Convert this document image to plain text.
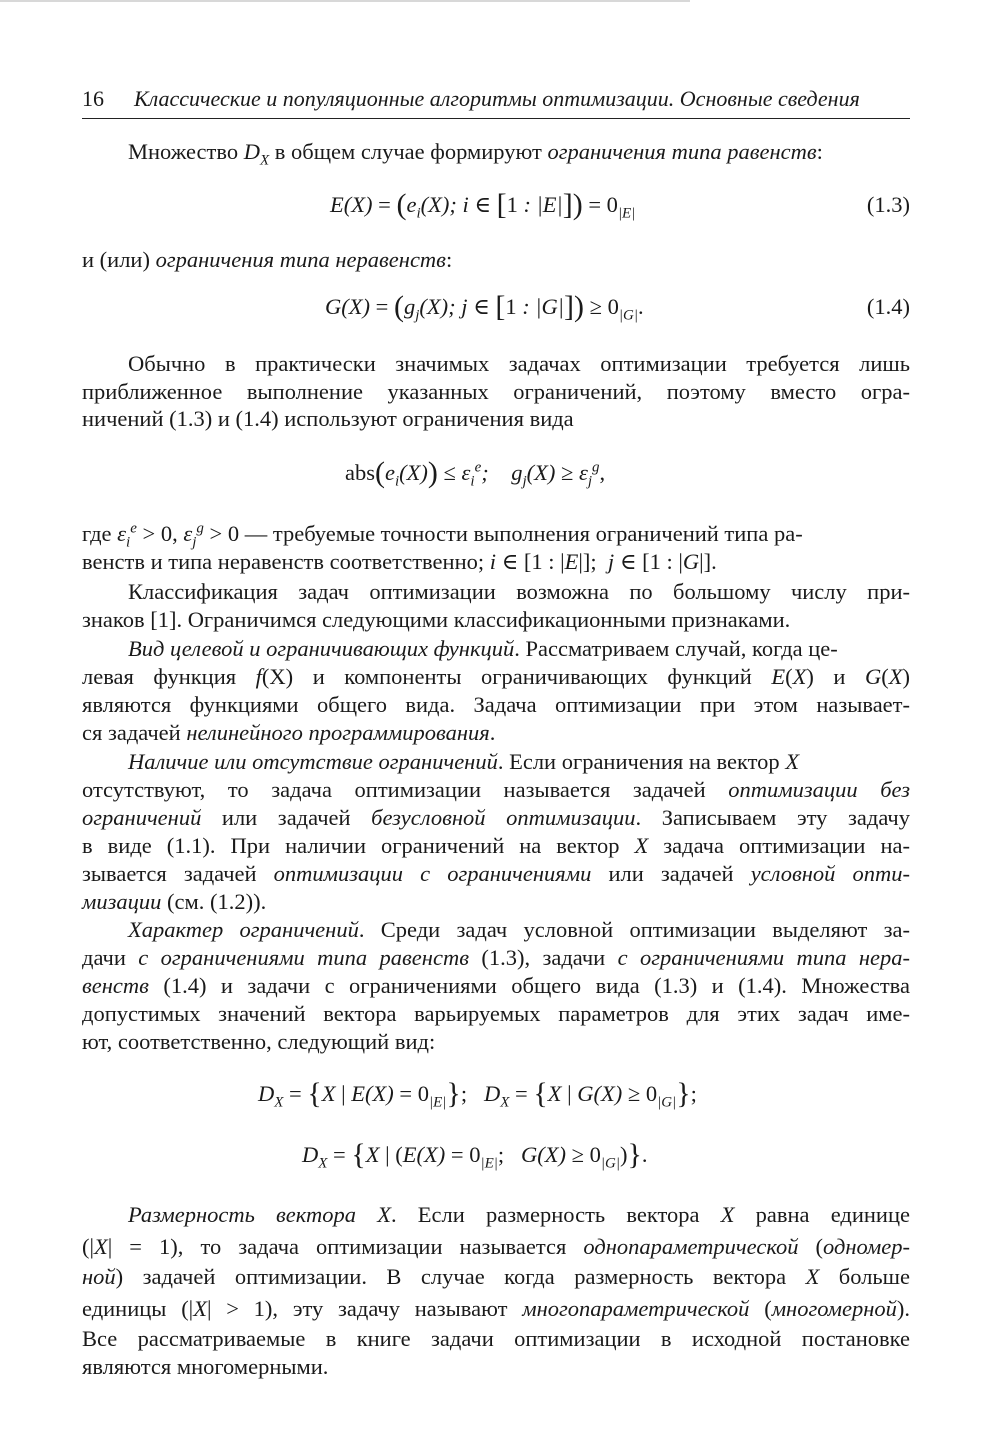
16 Классические и популяционные алгоритмы оптимизации. Основные сведения
Множество $D_X$ в общем случае формируют ограничения типа равенств:
$E(X) = (e_i(X)$; i ∈ [1 : $|E|]) = 0_{|E|}$	(1.3)
и (или) ограничения типа неравенств:
$G(X) = (g_j(X)$; j ∈ [1 : $|G|]) \ge 0_{|G|}$.	(1.4)
Обычно в практически значимых задачах оптимизации требуется лишь
приближенное выполнение указанных ограничений, поэтому вместо огра-
ничений (1.3) и (1.4) используют ограничения вида
$abs(e_i(X)) \le \varepsilon_i^e$;    $g_j(X) \ge \varepsilon_j^g$,
где $\varepsilon_i^e > 0$, $\varepsilon_j^g > 0$ — требуемые точности выполнения ограничений типа ра-
венств и типа неравенств соответственно; i ∈ [1 : |E|];  j ∈ [1 : |G|].
Классификация задач оптимизации возможна по большому числу при-
знаков [1]. Ограничимся следующими классификационными признаками.
Вид целевой и ограничивающих функций. Рассматриваем случай, когда це-
левая функция f(X) и компоненты ограничивающих функций E(X) и G(X)
являются функциями общего вида. Задача оптимизации при этом называет-
ся задачей нелинейного программирования.
Наличие или отсутствие ограничений. Если ограничения на вектор X
отсутствуют, то задача оптимизации называется задачей оптимизации без
ограничений или задачей безусловной оптимизации. Записываем эту задачу
в виде (1.1). При наличии ограничений на вектор X задача оптимизации на-
зывается задачей оптимизации с ограничениями или задачей условной опти-
мизации (см. (1.2)).
Характер ограничений. Среди задач условной оптимизации выделяют за-
дачи с ограничениями типа равенств (1.3), задачи с ограничениями типа нера-
венств (1.4) и задачи с ограничениями общего вида (1.3) и (1.4). Множества
допустимых значений вектора варьируемых параметров для этих задач име-
ют, соответственно, следующий вид:
$D_X = \{X$ | $E(X) = 0_{|E|}$};   $D_X = \{X$ | $G(X) \ge 0_{|G|}$};
$D_X = \{X$ | ($E(X) = 0_{|E|}$;   $G(X) \ge 0_{|G|}$)}.
Размерность вектора X. Если размерность вектора X равна единице
(|X| = 1), то задача оптимизации называется однопараметрической (одномер-
ной) задачей оптимизации. В случае когда размерность вектора X больше
единицы (|X| > 1), эту задачу называют многопараметрической (многомерной).
Все рассматриваемые в книге задачи оптимизации в исходной постановке
являются многомерными.
